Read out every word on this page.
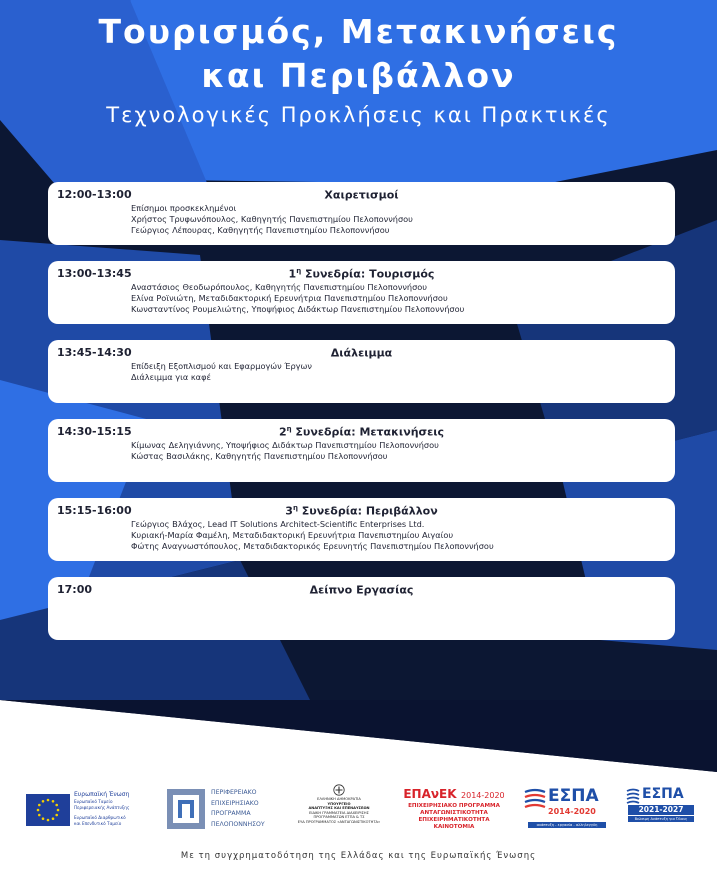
Τουρισμός, Μετακινήσεις
και Περιβάλλον
Τεχνολογικές Προκλήσεις και Πρακτικές
12:00-13:00	Χαιρετισμοί
Επίσημοι προσκεκλημένοι
Χρήστος Τρυφωνόπουλος, Καθηγητής Πανεπιστημίου Πελοποννήσου
Γεώργιος Λέπουρας, Καθηγητής Πανεπιστημίου Πελοποννήσου
13:00-13:45	$1^\eta$ Συνεδρία: Τουρισμός
Αναστάσιος Θεοδωρόπουλος, Καθηγητής Πανεπιστημίου Πελοποννήσου
Ελίνα Ροϊνιώτη, Μεταδιδακτορική Ερευνήτρια Πανεπιστημίου Πελοποννήσου
Κωνσταντίνος Ρουμελιώτης, Υποψήφιος Διδάκτωρ Πανεπιστημίου Πελοποννήσου
13:45-14:30	Διάλειμμα
Επίδειξη Εξοπλισμού και Εφαρμογών Έργων
Διάλειμμα για καφέ
14:30-15:15	$2^\eta$ Συνεδρία: Μετακινήσεις
Κίμωνας Δεληγιάννης, Υποψήφιος Διδάκτωρ Πανεπιστημίου Πελοποννήσου
Κώστας Βασιλάκης, Καθηγητής Πανεπιστημίου Πελοποννήσου
15:15-16:00	$3^\eta$ Συνεδρία: Περιβάλλον
Γεώργιος Βλάχος, Lead IT Solutions Architect-Scientific Enterprises Ltd.
Κυριακή-Μαρία Φαμέλη, Μεταδιδακτορική Ερευνήτρια Πανεπιστημίου Αιγαίου
Φώτης Αναγνωστόπουλος, Μεταδιδακτορικός Ερευνητής Πανεπιστημίου Πελοποννήσου
17:00	Δείπνο Εργασίας
Ευρωπαϊκή Ένωση
Ευρωπαϊκό Ταμείο
Περιφερειακής Ανάπτυξης
Ευρωπαϊκό Διαρθρωτικό
και Επενδυτικό Ταμείο
ΠΕΡΙΦΕΡΕΙΑΚΟ
ΕΠΙΧΕΙΡΗΣΙΑΚΟ
ΠΡΟΓΡΑΜΜΑ
ΠΕΛΟΠΟΝΝΗΣΟΥ
ΕΛΛΗΝΙΚΗ ΔΗΜΟΚΡΑΤΙΑ
ΥΠΟΥΡΓΕΙΟ
ΑΝΑΠΤΥΞΗΣ ΚΑΙ ΕΠΕΝΔΥΣΕΩΝ
ΕΙΔΙΚΗ ΓΡΑΜΜΑΤΕΙΑ ΔΙΑΧΕΙΡΙΣΗΣ
ΠΡΟΓΡΑΜΜΑΤΩΝ ΕΤΠΑ & ΤΣ
ΕΥΔ ΠΡΟΓΡΑΜΜΑΤΟΣ «ΑΝΤΑΓΩΝΙΣΤΙΚΟΤΗΤΑ»
ΕΠΑνΕΚ 2014-2020
ΕΠΙΧΕΙΡΗΣΙΑΚΟ ΠΡΟΓΡΑΜΜΑ
ΑΝΤΑΓΩΝΙΣΤΙΚΟΤΗΤΑ
ΕΠΙΧΕΙΡΗΜΑΤΙΚΟΤΗΤΑ
ΚΑΙΝΟΤΟΜΙΑ
ΕΣΠΑ
2014-2020
ανάπτυξη - εργασία - αλληλεγγύη
ΕΣΠΑ
2021-2027
Βιώσιμη Ανάπτυξη για Όλους
Με τη συγχρηματοδότηση της Ελλάδας και της Ευρωπαϊκής Ένωσης
